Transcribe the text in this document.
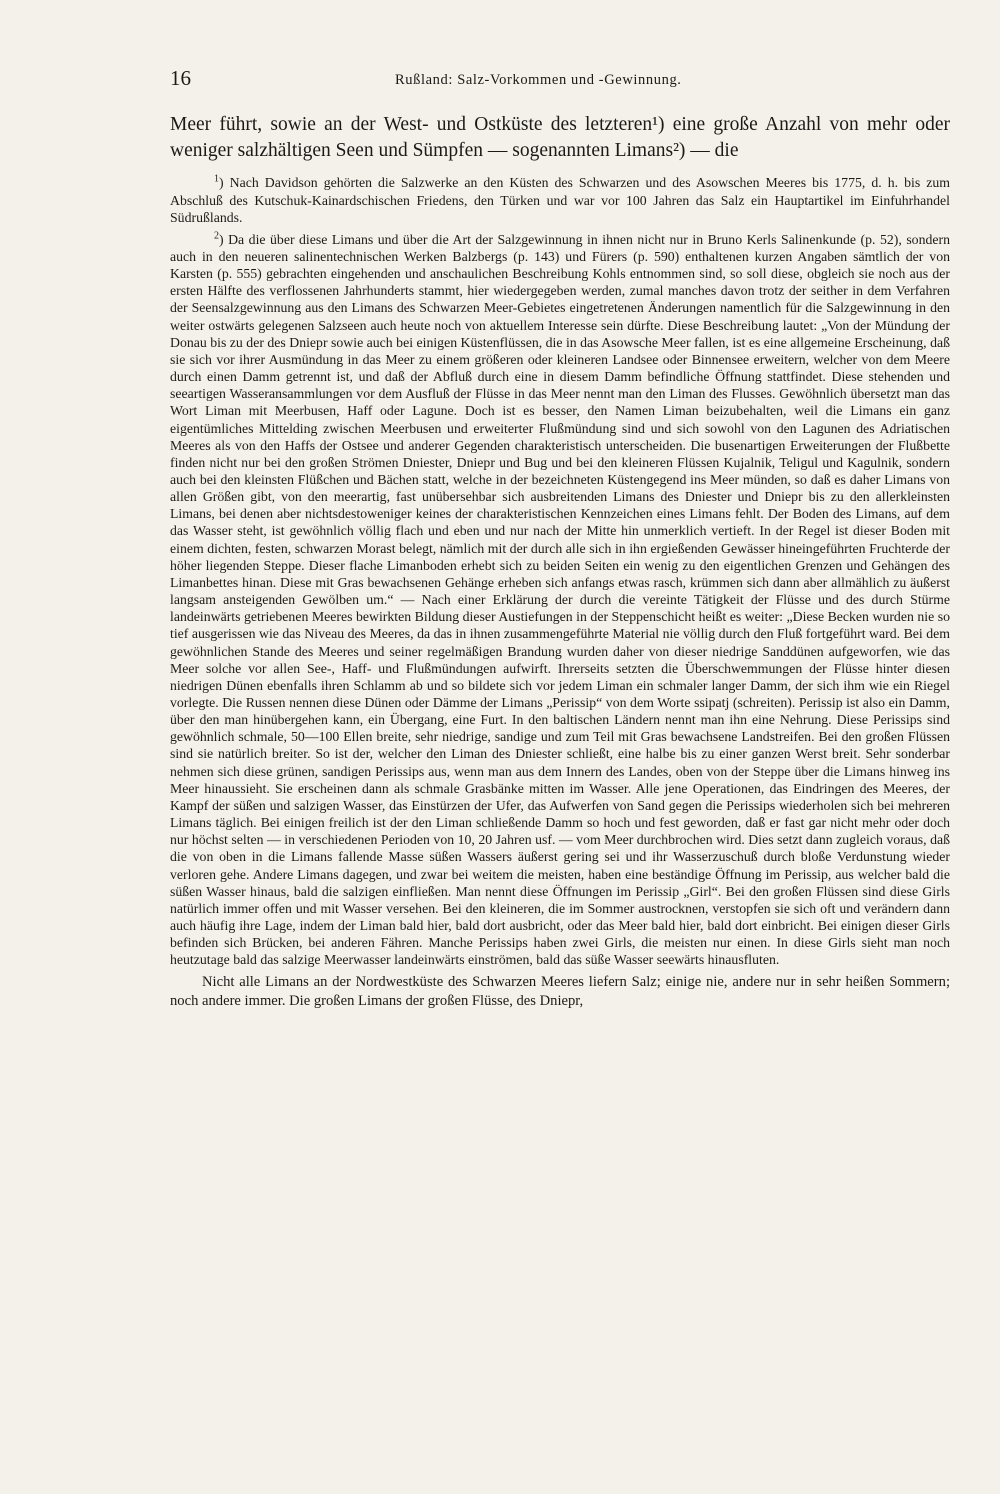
16	Rußland: Salz-Vorkommen und -Gewinnung.

Meer führt, sowie an der West- und Ostküste des letzteren¹) eine große Anzahl von mehr oder weniger salzhältigen Seen und Sümpfen — sogenannten Limans²) — die

$^1$) Nach Davidson gehörten die Salzwerke an den Küsten des Schwarzen und des Asowschen Meeres bis 1775, d. h. bis zum Abschluß des Kutschuk-Kainardschischen Friedens, den Türken und war vor 100 Jahren das Salz ein Hauptartikel im Einfuhrhandel Südrußlands.

$^2$) Da die über diese Limans und über die Art der Salzgewinnung in ihnen nicht nur in Bruno Kerls Salinenkunde (p. 52), sondern auch in den neueren salinentechnischen Werken Balzbergs (p. 143) und Fürers (p. 590) enthaltenen kurzen Angaben sämtlich der von Karsten (p. 555) gebrachten eingehenden und anschaulichen Beschreibung Kohls entnommen sind, so soll diese, obgleich sie noch aus der ersten Hälfte des verflossenen Jahrhunderts stammt, hier wiedergegeben werden, zumal manches davon trotz der seither in dem Verfahren der Seensalzgewinnung aus den Limans des Schwarzen Meer-Gebietes eingetretenen Änderungen namentlich für die Salzgewinnung in den weiter ostwärts gelegenen Salzseen auch heute noch von aktuellem Interesse sein dürfte. Diese Beschreibung lautet: „Von der Mündung der Donau bis zu der des Dniepr sowie auch bei einigen Küstenflüssen, die in das Asowsche Meer fallen, ist es eine allgemeine Erscheinung, daß sie sich vor ihrer Ausmündung in das Meer zu einem größeren oder kleineren Landsee oder Binnensee erweitern, welcher von dem Meere durch einen Damm getrennt ist, und daß der Abfluß durch eine in diesem Damm befindliche Öffnung stattfindet. Diese stehenden und seeartigen Wasseransammlungen vor dem Ausfluß der Flüsse in das Meer nennt man den Liman des Flusses. Gewöhnlich übersetzt man das Wort Liman mit Meerbusen, Haff oder Lagune. Doch ist es besser, den Namen Liman beizubehalten, weil die Limans ein ganz eigentümliches Mittelding zwischen Meerbusen und erweiterter Flußmündung sind und sich sowohl von den Lagunen des Adriatischen Meeres als von den Haffs der Ostsee und anderer Gegenden charakteristisch unterscheiden. Die busenartigen Erweiterungen der Flußbette finden nicht nur bei den großen Strömen Dniester, Dniepr und Bug und bei den kleineren Flüssen Kujalnik, Teligul und Kagulnik, sondern auch bei den kleinsten Flüßchen und Bächen statt, welche in der bezeichneten Küstengegend ins Meer münden, so daß es daher Limans von allen Größen gibt, von den meerartig, fast unübersehbar sich ausbreitenden Limans des Dniester und Dniepr bis zu den allerkleinsten Limans, bei denen aber nichtsdestoweniger keines der charakteristischen Kennzeichen eines Limans fehlt. Der Boden des Limans, auf dem das Wasser steht, ist gewöhnlich völlig flach und eben und nur nach der Mitte hin unmerklich vertieft. In der Regel ist dieser Boden mit einem dichten, festen, schwarzen Morast belegt, nämlich mit der durch alle sich in ihn ergießenden Gewässer hineingeführten Fruchterde der höher liegenden Steppe. Dieser flache Limanboden erhebt sich zu beiden Seiten ein wenig zu den eigentlichen Grenzen und Gehängen des Limanbettes hinan. Diese mit Gras bewachsenen Gehänge erheben sich anfangs etwas rasch, krümmen sich dann aber allmählich zu äußerst langsam ansteigenden Gewölben um.“ — Nach einer Erklärung der durch die vereinte Tätigkeit der Flüsse und des durch Stürme landeinwärts getriebenen Meeres bewirkten Bildung dieser Austiefungen in der Steppenschicht heißt es weiter: „Diese Becken wurden nie so tief ausgerissen wie das Niveau des Meeres, da das in ihnen zusammengeführte Material nie völlig durch den Fluß fortgeführt ward. Bei dem gewöhnlichen Stande des Meeres und seiner regelmäßigen Brandung wurden daher von dieser niedrige Sanddünen aufgeworfen, wie das Meer solche vor allen See-, Haff- und Flußmündungen aufwirft. Ihrerseits setzten die Überschwemmungen der Flüsse hinter diesen niedrigen Dünen ebenfalls ihren Schlamm ab und so bildete sich vor jedem Liman ein schmaler langer Damm, der sich ihm wie ein Riegel vorlegte. Die Russen nennen diese Dünen oder Dämme der Limans „Perissip“ von dem Worte ssipatj (schreiten). Perissip ist also ein Damm, über den man hinübergehen kann, ein Übergang, eine Furt. In den baltischen Ländern nennt man ihn eine Nehrung. Diese Perissips sind gewöhnlich schmale, 50—100 Ellen breite, sehr niedrige, sandige und zum Teil mit Gras bewachsene Landstreifen. Bei den großen Flüssen sind sie natürlich breiter. So ist der, welcher den Liman des Dniester schließt, eine halbe bis zu einer ganzen Werst breit. Sehr sonderbar nehmen sich diese grünen, sandigen Perissips aus, wenn man aus dem Innern des Landes, oben von der Steppe über die Limans hinweg ins Meer hinaussieht. Sie erscheinen dann als schmale Grasbänke mitten im Wasser. Alle jene Operationen, das Eindringen des Meeres, der Kampf der süßen und salzigen Wasser, das Einstürzen der Ufer, das Aufwerfen von Sand gegen die Perissips wiederholen sich bei mehreren Limans täglich. Bei einigen freilich ist der den Liman schließende Damm so hoch und fest geworden, daß er fast gar nicht mehr oder doch nur höchst selten — in verschiedenen Perioden von 10, 20 Jahren usf. — vom Meer durchbrochen wird. Dies setzt dann zugleich voraus, daß die von oben in die Limans fallende Masse süßen Wassers äußerst gering sei und ihr Wasserzuschuß durch bloße Verdunstung wieder verloren gehe. Andere Limans dagegen, und zwar bei weitem die meisten, haben eine beständige Öffnung im Perissip, aus welcher bald die süßen Wasser hinaus, bald die salzigen einfließen. Man nennt diese Öffnungen im Perissip „Girl“. Bei den großen Flüssen sind diese Girls natürlich immer offen und mit Wasser versehen. Bei den kleineren, die im Sommer austrocknen, verstopfen sie sich oft und verändern dann auch häufig ihre Lage, indem der Liman bald hier, bald dort ausbricht, oder das Meer bald hier, bald dort einbricht. Bei einigen dieser Girls befinden sich Brücken, bei anderen Fähren. Manche Perissips haben zwei Girls, die meisten nur einen. In diese Girls sieht man noch heutzutage bald das salzige Meerwasser landeinwärts einströmen, bald das süße Wasser seewärts hinausfluten.

Nicht alle Limans an der Nordwestküste des Schwarzen Meeres liefern Salz; einige nie, andere nur in sehr heißen Sommern; noch andere immer. Die großen Limans der großen Flüsse, des Dniepr,
